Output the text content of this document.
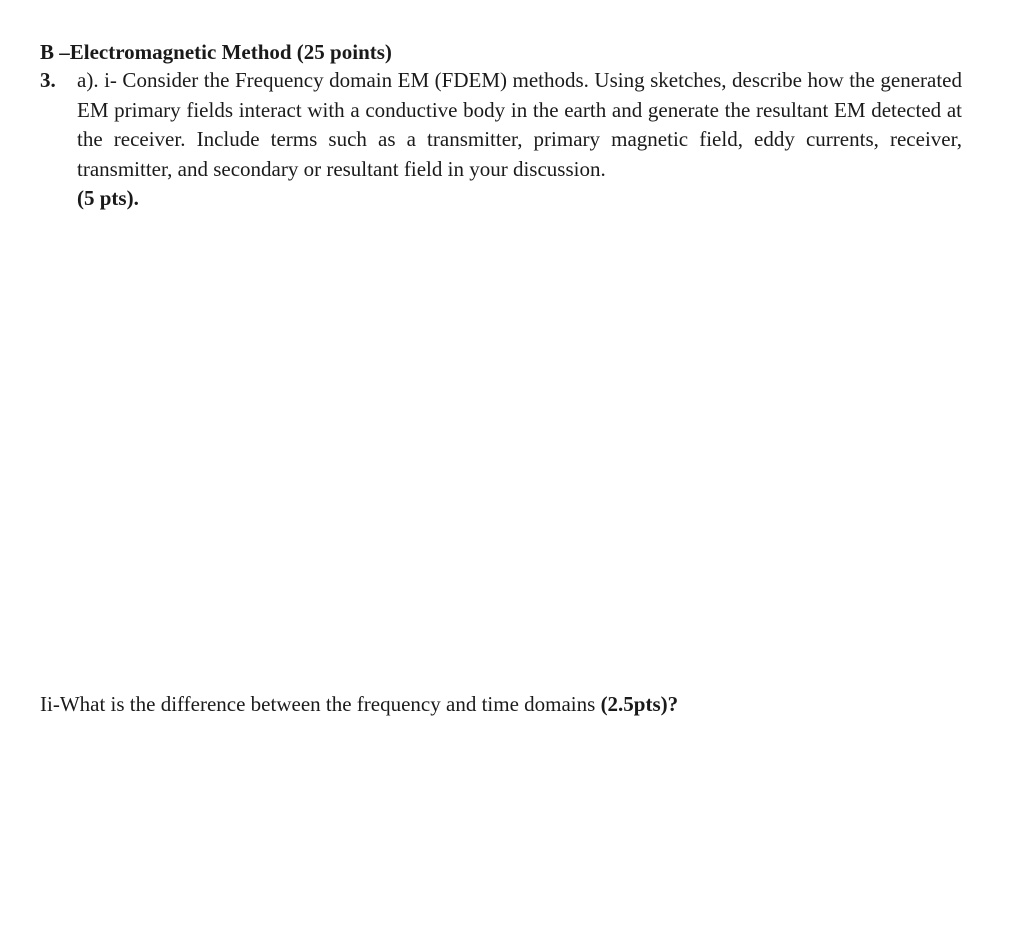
B –Electromagnetic Method (25 points)
3. a). i- Consider the Frequency domain EM (FDEM) methods. Using sketches, describe how the generated EM primary fields interact with a conductive body in the earth and generate the resultant EM detected at the receiver. Include terms such as a transmitter, primary magnetic field, eddy currents, receiver, transmitter, and secondary or resultant field in your discussion.
(5 pts).
Ii-What is the difference between the frequency and time domains (2.5pts)?
